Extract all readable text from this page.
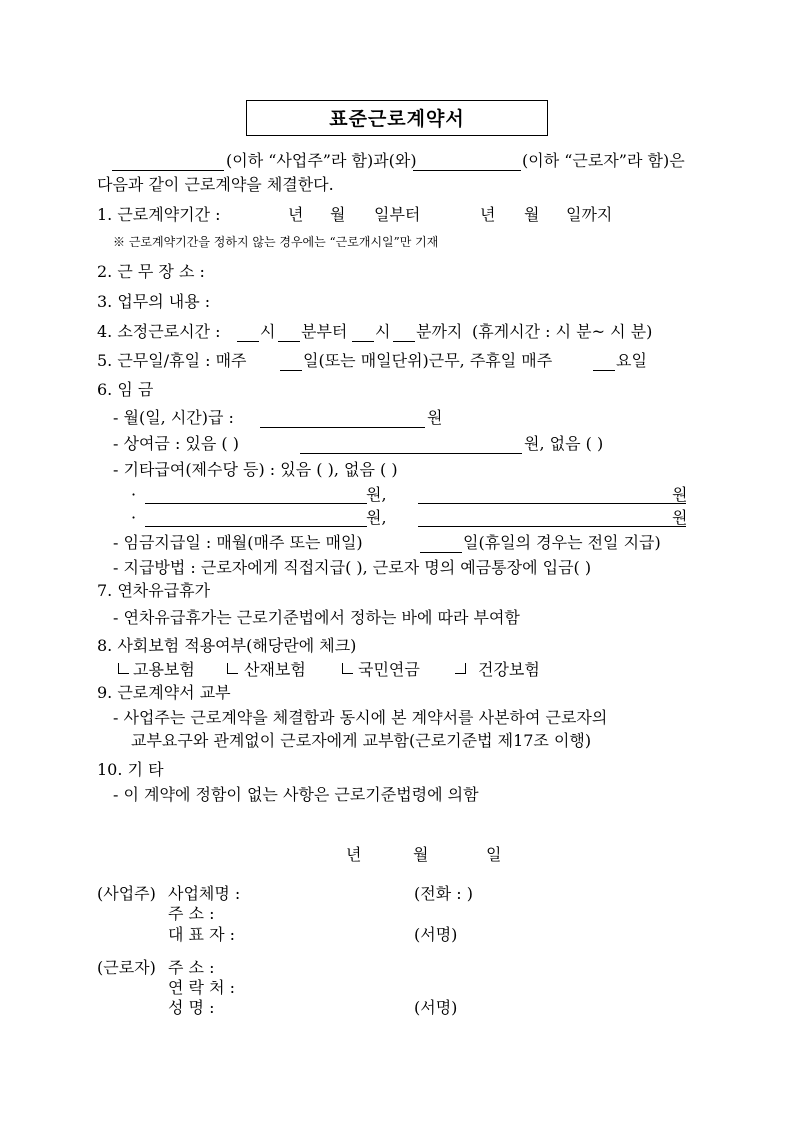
표준근로계약서
(이하 “사업주”라 함)과(와)	(이하 “근로자”라 함)은
다음과 같이 근로계약을 체결한다.
1. 근로계약기간 :	년 월 일부터	년 월 일까지
※ 근로계약기간을 정하지 않는 경우에는 “근로개시일”만 기재
2. 근 무 장 소 :
3. 업무의 내용 :
4. 소정근로시간 : 시 분부터 시 분까지 (휴게시간 : 시 분~ 시 분)
5. 근무일/휴일 : 매주	일(또는 매일단위)근무, 주휴일 매주	요일
6. 임 금
- 월(일, 시간)급 :	원
- 상여금 : 있음 ( )	원, 없음 ( )
- 기타급여(제수당 등) : 있음 ( ), 없음 ( )
·	원,	원
·	원,	원
- 임금지급일 : 매월(매주 또는 매일)	일(휴일의 경우는 전일 지급)
- 지급방법 : 근로자에게 직접지급( ), 근로자 명의 예금통장에 입금( )
7. 연차유급휴가
- 연차유급휴가는 근로기준법에서 정하는 바에 따라 부여함
8. 사회보험 적용여부(해당란에 체크)
고용보험	산재보험	국민연금	건강보험
9. 근로계약서 교부
- 사업주는 근로계약을 체결함과 동시에 본 계약서를 사본하여 근로자의
교부요구와 관계없이 근로자에게 교부함(근로기준법 제17조 이행)
10. 기 타
- 이 계약에 정함이 없는 사항은 근로기준법령에 의함
년	월	일
(사업주) 사업체명 :	(전화 : )
주 소 :
대 표 자 :	(서명)
(근로자) 주 소 :
연 락 처 :
성 명 :	(서명)
